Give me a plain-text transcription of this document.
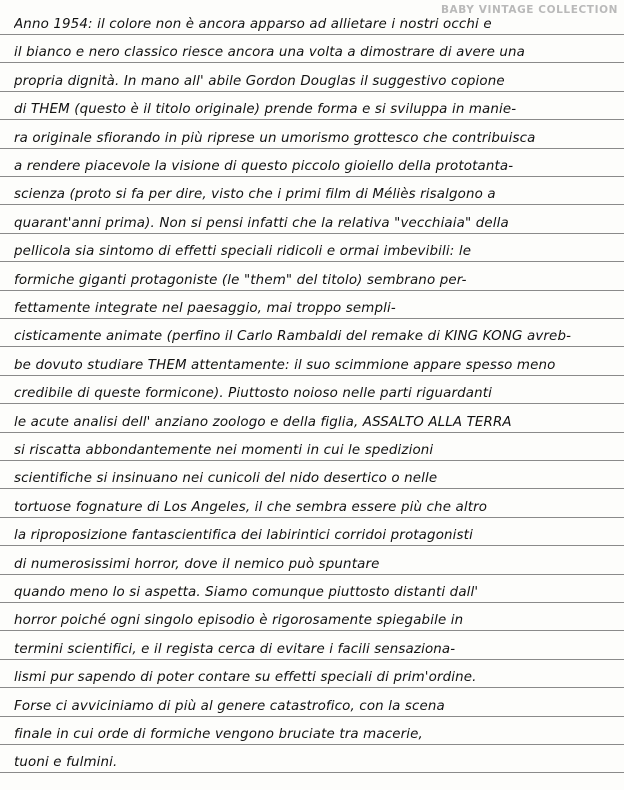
BABY VINTAGE COLLECTION
Anno 1954: il colore non è ancora apparso ad allietare i nostri occhi e
il bianco e nero classico riesce ancora una volta a dimostrare di avere una
propria dignità. In mano all' abile Gordon Douglas il suggestivo copione
di THEM (questo è il titolo originale) prende forma e si sviluppa in manie-
ra originale sfiorando in più riprese un umorismo grottesco che contribuisca
a rendere piacevole la visione di questo piccolo gioiello della prototanta-
scienza (proto si fa per dire, visto che i primi film di Méliès risalgono a
quarant'anni prima). Non si pensi infatti che la relativa "vecchiaia" della
pellicola sia sintomo di effetti speciali ridicoli e ormai imbevibili: le
formiche giganti protagoniste (le "them" del titolo) sembrano per-
fettamente integrate nel paesaggio, mai troppo sempli-
cisticamente animate (perfino il Carlo Rambaldi del remake di KING KONG avreb-
be dovuto studiare THEM attentamente: il suo scimmione appare spesso meno
credibile di queste formicone). Piuttosto noioso nelle parti riguardanti
le acute analisi dell' anziano zoologo e della figlia, ASSALTO ALLA TERRA
si riscatta abbondantemente nei momenti in cui le spedizioni
scientifiche si insinuano nei cunicoli del nido desertico o nelle
tortuose fognature di Los Angeles, il che sembra essere più che altro
la riproposizione fantascientifica dei labirintici corridoi protagonisti
di numerosissimi horror, dove il nemico può spuntare
quando meno lo si aspetta. Siamo comunque piuttosto distanti dall'
horror poiché ogni singolo episodio è rigorosamente spiegabile in
termini scientifici, e il regista cerca di evitare i facili sensaziona-
lismi pur sapendo di poter contare su effetti speciali di prim'ordine.
Forse ci avviciniamo di più al genere catastrofico, con la scena
finale in cui orde di formiche vengono bruciate tra macerie,
tuoni e fulmini.
